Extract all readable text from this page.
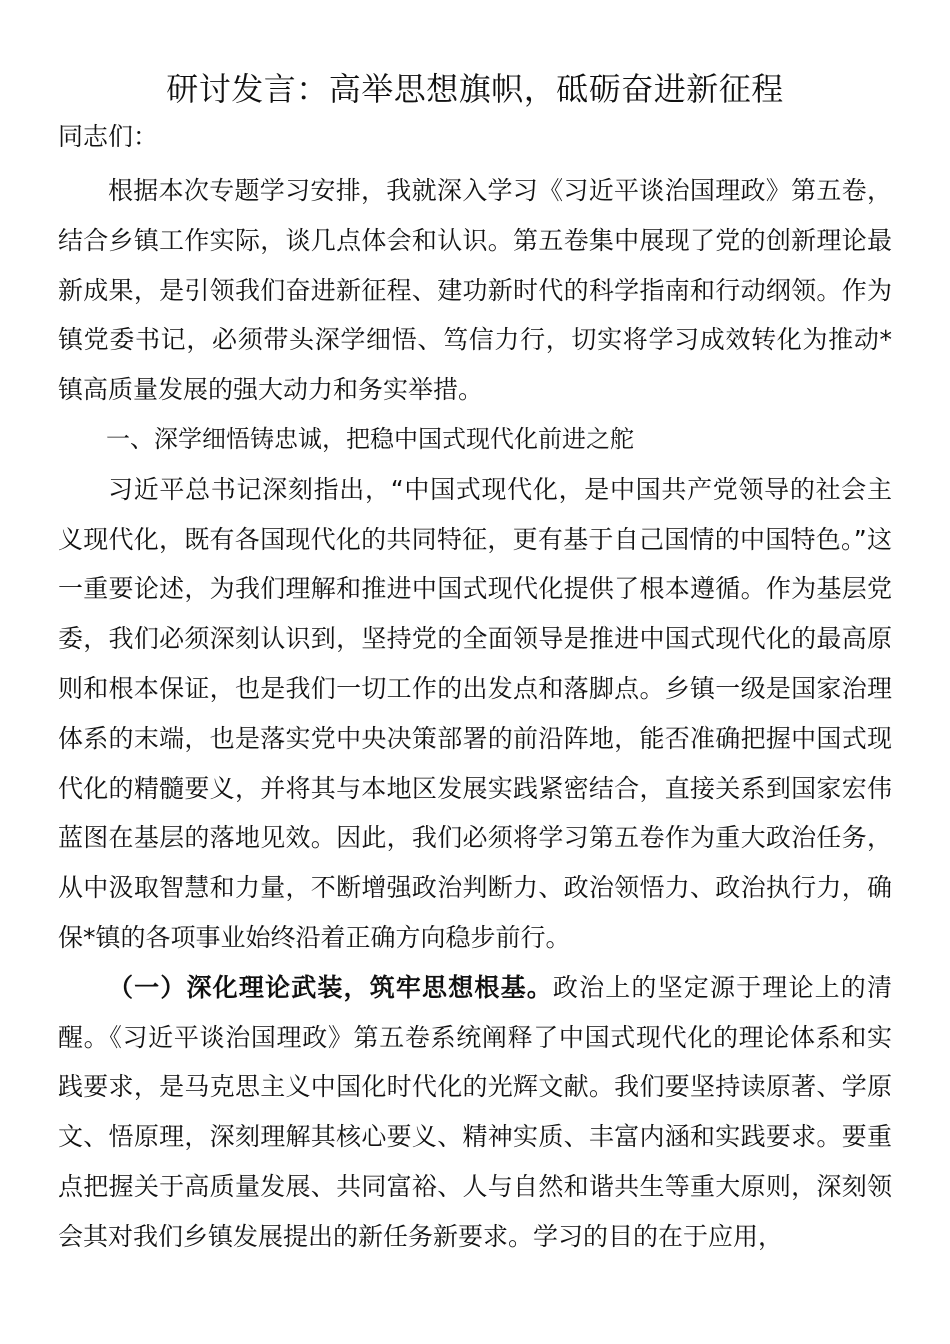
研讨发言：高举思想旗帜，砥砺奋进新征程

同志们：

根据本次专题学习安排，我就深入学习《习近平谈治国理政》第五卷，结合乡镇工作实际，谈几点体会和认识。第五卷集中展现了党的创新理论最新成果，是引领我们奋进新征程、建功新时代的科学指南和行动纲领。作为镇党委书记，必须带头深学细悟、笃信力行，切实将学习成效转化为推动*镇高质量发展的强大动力和务实举措。

一、深学细悟铸忠诚，把稳中国式现代化前进之舵

习近平总书记深刻指出，“中国式现代化，是中国共产党领导的社会主义现代化，既有各国现代化的共同特征，更有基于自己国情的中国特色。”这一重要论述，为我们理解和推进中国式现代化提供了根本遵循。作为基层党委，我们必须深刻认识到，坚持党的全面领导是推进中国式现代化的最高原则和根本保证，也是我们一切工作的出发点和落脚点。乡镇一级是国家治理体系的末端，也是落实党中央决策部署的前沿阵地，能否准确把握中国式现代化的精髓要义，并将其与本地区发展实践紧密结合，直接关系到国家宏伟蓝图在基层的落地见效。因此，我们必须将学习第五卷作为重大政治任务，从中汲取智慧和力量，不断增强政治判断力、政治领悟力、政治执行力，确保*镇的各项事业始终沿着正确方向稳步前行。

（一）深化理论武装，筑牢思想根基。政治上的坚定源于理论上的清醒。《习近平谈治国理政》第五卷系统阐释了中国式现代化的理论体系和实践要求，是马克思主义中国化时代化的光辉文献。我们要坚持读原著、学原文、悟原理，深刻理解其核心要义、精神实质、丰富内涵和实践要求。要重点把握关于高质量发展、共同富裕、人与自然和谐共生等重大原则，深刻领会其对我们乡镇发展提出的新任务新要求。学习的目的在于应用，
